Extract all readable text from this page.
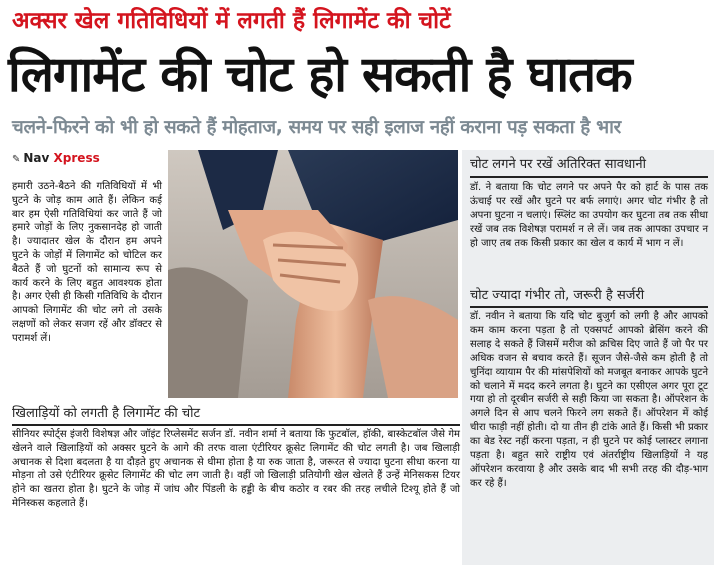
अक्सर खेल गतिविधियों में लगती हैं लिगामेंट की चोटें
लिगामेंट की चोट हो सकती है घातक
चलने-फिरने को भी हो सकते हैं मोहताज, समय पर सही इलाज नहीं कराना पड़ सकता है भार
✎ Nav Xpress
हमारी उठने-बैठने की गतिविधियों में भी घुटने के जोड़ काम आते हैं। लेकिन कई बार हम ऐसी गतिविधियां कर जाते हैं जो हमारे जोड़ों के लिए नुकसानदेह हो जाती है। ज्यादातर खेल के दौरान हम अपने घुटने के जोड़ों में लिगामेंट को चोटिल कर बैठते हैं जो घुटनों को सामान्य रूप से कार्य करने के लिए बहुत आवश्यक होता है। अगर ऐसी ही किसी गतिविधि के दौरान आपको लिगामेंट की चोट लगे तो उसके लक्षणों को लेकर सजग रहें और डॉक्टर से परामर्श लें।
खिलाड़ियों को लगती है लिगामेंट की चोट
सीनियर स्पोर्ट्स इंजरी विशेषज्ञ और जॉइंट रिप्लेसमेंट सर्जन डॉ. नवीन शर्मा ने बताया कि फुटबॉल, हॉकी, बास्केटबॉल जैसे गेम खेलने वाले खिलाड़ियों को अक्सर घुटने के आगे की तरफ वाला एंटीरियर क्रूसेट लिगामेंट की चोट लगती है। जब खिलाड़ी अचानक से दिशा बदलता है या दौड़ते हुए अचानक से धीमा होता है या रुक जाता है, जरूरत से ज्यादा घुटना सीधा करना या मोड़ना तो उसे एंटीरियर क्रूसेट लिगामेंट की चोट लग जाती है। वहीं जो खिलाड़ी प्रतियोगी खेल खेलते हैं उन्हें मेनिसकस टियर होने का खतरा होता है। घुटने के जोड़ में जांघ और पिंडली के हड्डी के बीच कठोर व रबर की तरह लचीले टिश्यू होते हैं जो मेनिस्कस कहलाते हैं।
चोट लगने पर रखें अतिरिक्त सावधानी
डॉ. ने बताया कि चोट लगने पर अपने पैर को हार्ट के पास तक ऊंचाई पर रखें और घुटने पर बर्फ लगाएं। अगर चोट गंभीर है तो अपना घुटना न चलाएं। स्प्लिंट का उपयोग कर घुटना तब तक सीधा रखें जब तक विशेषज्ञ परामर्श न ले लें। जब तक आपका उपचार न हो जाए तब तक किसी प्रकार का खेल व कार्य में भाग न लें।
चोट ज्यादा गंभीर तो, जरूरी है सर्जरी
डॉ. नवीन ने बताया कि यदि चोट बुजुर्ग को लगी है और आपको कम काम करना पड़ता है तो एक्सपर्ट आपको ब्रेसिंग करने की सलाह दे सकते हैं जिसमें मरीज को क्रचिस दिए जाते हैं जो पैर पर अधिक वजन से बचाव करते हैं। सूजन जैसे-जैसे कम होती है तो चुनिंदा व्यायाम पैर की मांसपेशियों को मजबूत बनाकर आपके घुटने को चलाने में मदद करने लगता है। घुटने का एसीएल अगर पूरा टूट गया हो तो दूरबीन सर्जरी से सही किया जा सकता है। ऑपरेशन के अगले दिन से आप चलने फिरने लग सकते हैं। ऑपरेशन में कोई चीरा फाड़ी नहीं होती। दो या तीन ही टांके आते हैं। किसी भी प्रकार का बेड रेस्ट नहीं करना पड़ता, न ही घुटने पर कोई प्लास्टर लगाना पड़ता है। बहुत सारे राष्ट्रीय एवं अंतर्राष्ट्रीय खिलाड़ियों ने यह ऑपरेशन करवाया है और उसके बाद भी सभी तरह की दौड़-भाग कर रहे हैं।
